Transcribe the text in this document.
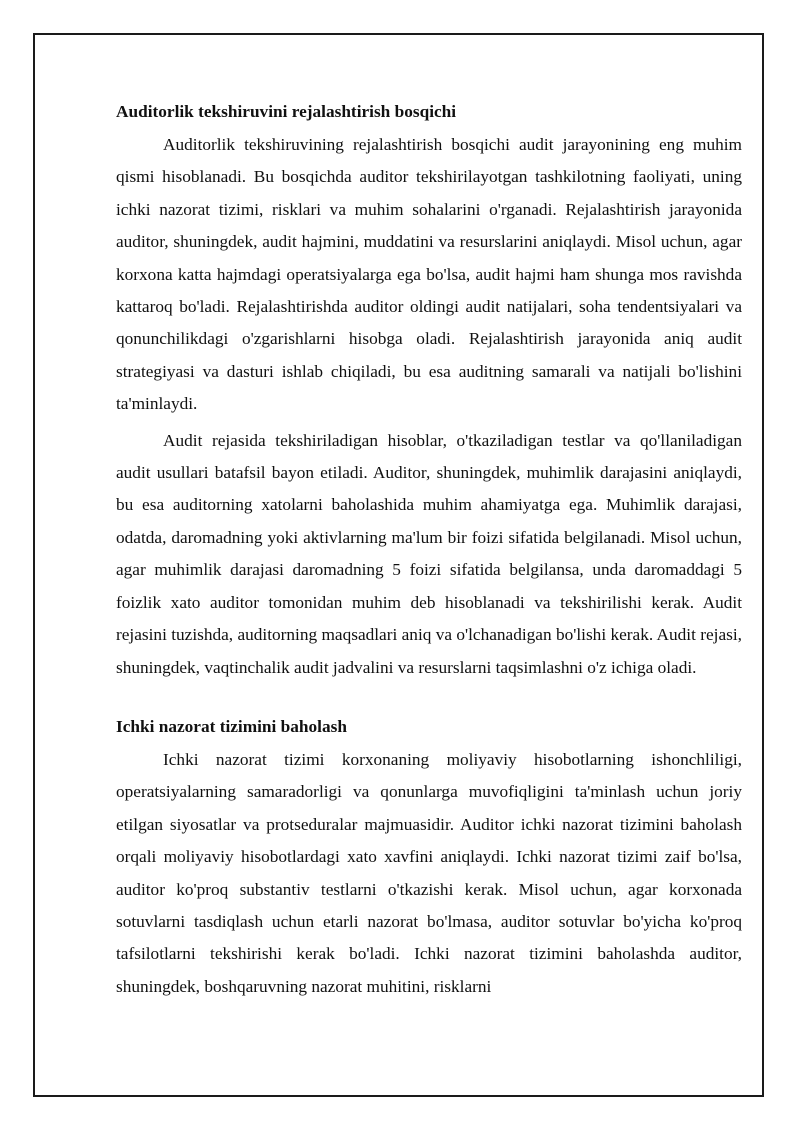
Auditorlik tekshiruvini rejalashtirish bosqichi

Auditorlik tekshiruvining rejalashtirish bosqichi audit jarayonining eng muhim qismi hisoblanadi. Bu bosqichda auditor tekshirilayotgan tashkilotning faoliyati, uning ichki nazorat tizimi, risklari va muhim sohalarini o'rganadi. Rejalashtirish jarayonida auditor, shuningdek, audit hajmini, muddatini va resurslarini aniqlaydi. Misol uchun, agar korxona katta hajmdagi operatsiyalarga ega bo'lsa, audit hajmi ham shunga mos ravishda kattaroq bo'ladi. Rejalashtirishda auditor oldingi audit natijalari, soha tendentsiyalari va qonunchilikdagi o'zgarishlarni hisobga oladi. Rejalashtirish jarayonida aniq audit strategiyasi va dasturi ishlab chiqiladi, bu esa auditning samarali va natijali bo'lishini ta'minlaydi.

Audit rejasida tekshiriladigan hisoblar, o'tkaziladigan testlar va qo'llaniladigan audit usullari batafsil bayon etiladi. Auditor, shuningdek, muhimlik darajasini aniqlaydi, bu esa auditorning xatolarni baholashida muhim ahamiyatga ega. Muhimlik darajasi, odatda, daromadning yoki aktivlarning ma'lum bir foizi sifatida belgilanadi. Misol uchun, agar muhimlik darajasi daromadning 5 foizi sifatida belgilansa, unda daromaddagi 5 foizlik xato auditor tomonidan muhim deb hisoblanadi va tekshirilishi kerak. Audit rejasini tuzishda, auditorning maqsadlari aniq va o'lchanadigan bo'lishi kerak. Audit rejasi, shuningdek, vaqtinchalik audit jadvalini va resurslarni taqsimlashni o'z ichiga oladi.

Ichki nazorat tizimini baholash

Ichki nazorat tizimi korxonaning moliyaviy hisobotlarning ishonchliligi, operatsiyalarning samaradorligi va qonunlarga muvofiqligini ta'minlash uchun joriy etilgan siyosatlar va protseduralar majmuasidir. Auditor ichki nazorat tizimini baholash orqali moliyaviy hisobotlardagi xato xavfini aniqlaydi. Ichki nazorat tizimi zaif bo'lsa, auditor ko'proq substantiv testlarni o'tkazishi kerak. Misol uchun, agar korxonada sotuvlarni tasdiqlash uchun etarli nazorat bo'lmasa, auditor sotuvlar bo'yicha ko'proq tafsilotlarni tekshirishi kerak bo'ladi. Ichki nazorat tizimini baholashda auditor, shuningdek, boshqaruvning nazorat muhitini, risklarni
